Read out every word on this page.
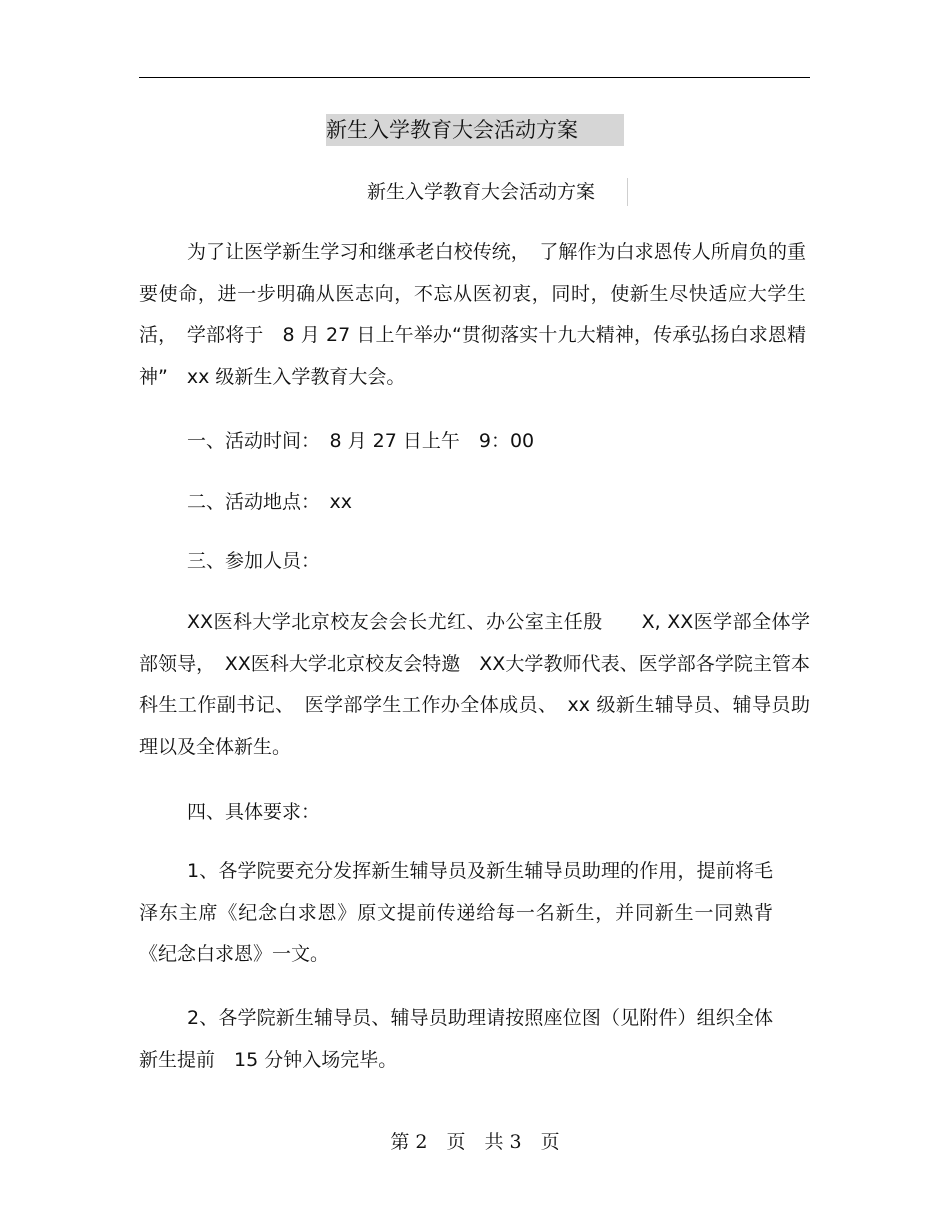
新生入学教育大会活动方案
新生入学教育大会活动方案
为了让医学新生学习和继承老白校传统，　了解作为白求恩传人所肩负的重要使命，进一步明确从医志向，不忘从医初衷，同时，使新生尽快适应大学生活，　学部将于　8 月 27 日上午举办“贯彻落实十九大精神，传承弘扬白求恩精神”　xx 级新生入学教育大会。
一、活动时间：　8 月 27 日上午　9：00
二、活动地点：　xx
三、参加人员：
XX医科大学北京校友会会长尤红、办公室主任殷　　X, XX医学部全体学部领导，　XX医科大学北京校友会特邀　XX大学教师代表、医学部各学院主管本科生工作副书记、　医学部学生工作办全体成员、　xx 级新生辅导员、辅导员助理以及全体新生。
四、具体要求：
1、各学院要充分发挥新生辅导员及新生辅导员助理的作用，提前将毛泽东主席《纪念白求恩》原文提前传递给每一名新生，并同新生一同熟背《纪念白求恩》一文。
2、各学院新生辅导员、辅导员助理请按照座位图（见附件）组织全体新生提前　15 分钟入场完毕。
第 2　页　共 3　页
